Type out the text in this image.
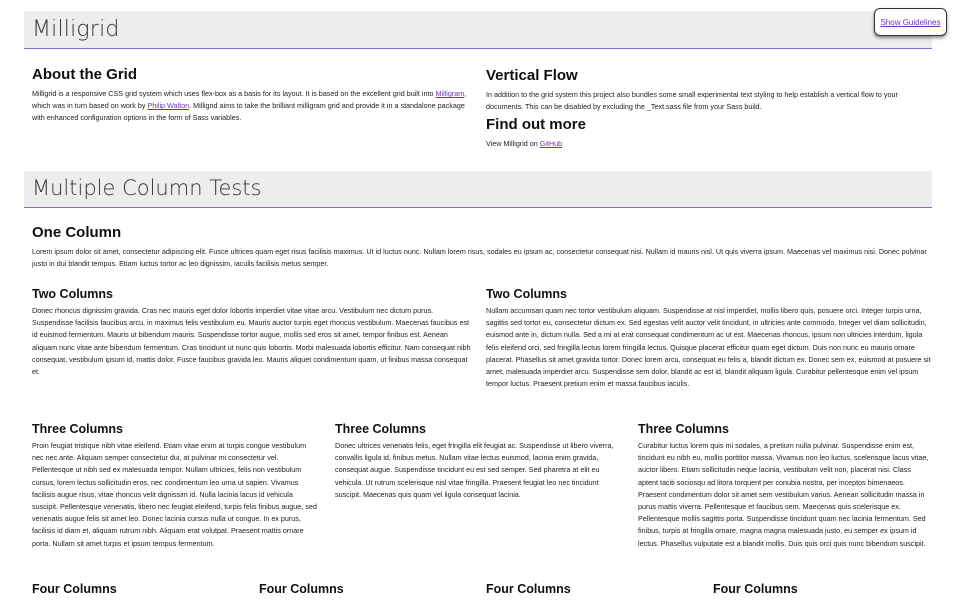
Milligrid	Show Guidelines
About the Grid

Milligrid is a responsive CSS grid system which uses flex-box as a basis for its layout. It is based on the excellent grid built into Milligram, which was in turn based on work by Philip Walton. Milligrid aims to take the brilliant milligram grid and provide it in a standalone package with enhanced configuration options in the form of Sass variables.

Vertical Flow

In addition to the grid system this project also bundles some small experimental text styling to help establish a vertical flow to your documents. This can be disabled by excluding the _Text.sass file from your Sass build.

Find out more

View Milligrid on GitHub

Multiple Column Tests
One Column

Lorem ipsum dolor sit amet, consectetur adipiscing elit. Fusce ultrices quam eget risus facilisis maximus. Ut id luctus nunc. Nullam lorem risus, sodales eu ipsum ac, consectetur consequat nisi. Nullam id mauris nisl. Ut quis viverra ipsum. Maecenas vel maximus nisi. Donec pulvinar justo in dui blandit tempus. Etiam luctus tortor ac leo dignissim, iaculis facilisis metus semper.

Two Columns

Donec rhoncus dignissim gravida. Cras nec mauris eget dolor lobortis imperdiet vitae vitae arcu. Vestibulum nec dictum purus. Suspendisse facilisis faucibus arcu, in maximus felis vestibulum eu. Mauris auctor turpis eget rhoncus vestibulum. Maecenas faucibus est id euismod fermentum. Mauris ut bibendum mauris. Suspendisse tortor augue, mollis sed eros sit amet, tempor finibus est. Aenean aliquam nunc vitae ante bibendum fermentum. Cras tincidunt ut nunc quis lobortis. Morbi malesuada lobortis efficitur. Nam consequat nibh consequat, vestibulum ipsum id, mattis dolor. Fusce faucibus gravida leo. Mauris aliquet condimentum quam, ut finibus massa consequat et.

Two Columns

Nullam accumsan quam nec tortor vestibulum aliquam. Suspendisse at nisl imperdiet, mollis libero quis, posuere orci. Integer turpis urna, sagittis sed tortor eu, consectetur dictum ex. Sed egestas velit auctor velit tincidunt, in ultricies ante commodo. Integer vel diam sollicitudin, euismod ante in, dictum nulla. Sed a mi at erat consequat condimentum ac ut est. Maecenas rhoncus, ipsum non ultricies interdum, ligula felis eleifend orci, sed fringilla lectus lorem fringilla lectus. Quisque placerat efficitur quam eget dictum. Duis non nunc eu mauris ornare placerat. Phasellus sit amet gravida tortor. Donec lorem arcu, consequat eu felis a, blandit dictum ex. Donec sem ex, euismod at posuere sit amet, malesuada imperdiet arcu. Suspendisse sem dolor, blandit ac est id, blandit aliquam ligula. Curabitur pellentesque enim vel ipsum tempor luctus. Praesent pretium enim et massa faucibus iaculis.

Three Columns

Proin feugiat tristique nibh vitae eleifend. Etiam vitae enim at turpis congue vestibulum nec nec ante. Aliquam semper consectetur dui, at pulvinar mi consectetur vel. Pellentesque ut nibh sed ex malesuada tempor. Nullam ultricies, felis non vestibulum cursus, lorem lectus sollicitudin eros, nec condimentum leo urna ut sapien. Vivamus facilisis augue risus, vitae rhoncus velit dignissim id. Nulla lacinia lacus id vehicula suscipit. Pellentesque venenatis, libero nec feugiat eleifend, turpis felis finibus augue, sed venenatis augue felis sit amet leo. Donec lacinia cursus nulla ut congue. In ex purus, facilisis id diam et, aliquam rutrum nibh. Aliquam erat volutpat. Praesent mattis ornare porta. Nullam sit amet turpis et ipsum tempus fermentum.

Three Columns

Donec ultrices venenatis felis, eget fringilla elit feugiat ac. Suspendisse ut libero viverra, convallis ligula id, finibus metus. Nullam vitae lectus euismod, lacinia enim gravida, consequat augue. Suspendisse tincidunt eu est sed semper. Sed pharetra at elit eu vehicula. Ut rutrum scelerisque nisl vitae fringilla. Praesent feugiat leo nec tincidunt suscipit. Maecenas quis quam vel ligula consequat lacinia.

Three Columns

Curabitur luctus lorem quis mi sodales, a pretium nulla pulvinar. Suspendisse enim est, tincidunt eu nibh eu, mollis porttitor massa. Vivamus non leo luctus, scelerisque lacus vitae, auctor libero. Etiam sollicitudin neque lacinia, vestibulum velit non, placerat nisi. Class aptent taciti sociosqu ad litora torquent per conubia nostra, per inceptos himenaeos. Praesent condimentum dolor sit amet sem vestibulum varius. Aenean sollicitudin massa in purus mattis viverra. Pellentesque et faucibus sem. Maecenas quis scelerisque ex. Pellentesque mollis sagittis porta. Suspendisse tincidunt quam nec lacinia fermentum. Sed finibus, turpis at fringilla ornare, magna magna malesuada justo, eu semper ex ipsum id lectus. Phasellus vulputate est a blandit mollis. Duis quis orci quis nunc bibendum suscipit.

Four Columns	Four Columns	Four Columns	Four Columns
